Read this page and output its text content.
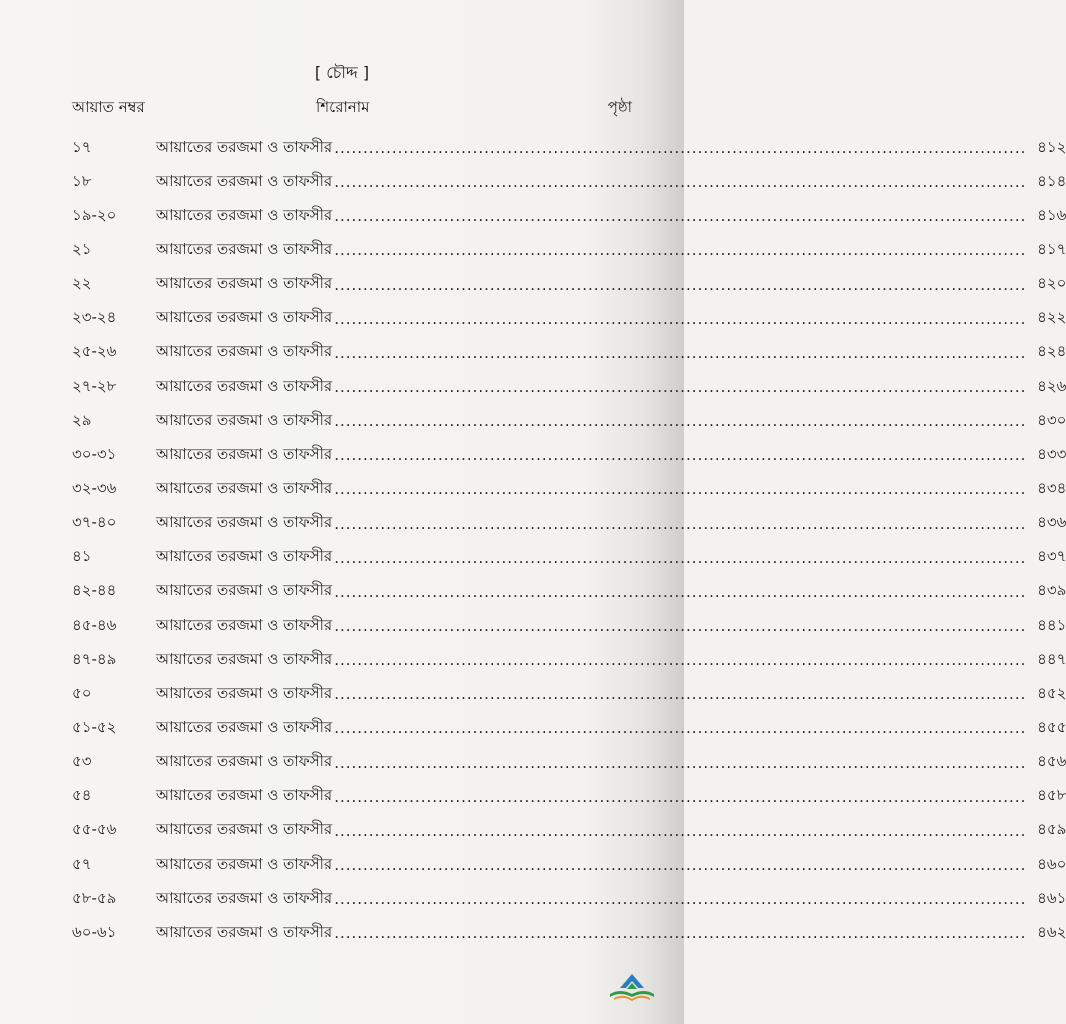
[ চৌদ্দ ]
আয়াত নম্বর	শিরোনাম	পৃষ্ঠা
১৭	আয়াতের তরজমা ও তাফসীর ........................................................................................................................ ৪১২
১৮	আয়াতের তরজমা ও তাফসীর ........................................................................................................................ ৪১৪
১৯-২০	আয়াতের তরজমা ও তাফসীর ........................................................................................................................ ৪১৬
২১	আয়াতের তরজমা ও তাফসীর ........................................................................................................................ ৪১৭
২২	আয়াতের তরজমা ও তাফসীর ........................................................................................................................ ৪২০
২৩-২৪	আয়াতের তরজমা ও তাফসীর ........................................................................................................................ ৪২২
২৫-২৬	আয়াতের তরজমা ও তাফসীর ........................................................................................................................ ৪২৪
২৭-২৮	আয়াতের তরজমা ও তাফসীর ........................................................................................................................ ৪২৬
২৯	আয়াতের তরজমা ও তাফসীর ........................................................................................................................ ৪৩০
৩০-৩১	আয়াতের তরজমা ও তাফসীর ........................................................................................................................ ৪৩৩
৩২-৩৬	আয়াতের তরজমা ও তাফসীর ........................................................................................................................ ৪৩৪
৩৭-৪০	আয়াতের তরজমা ও তাফসীর ........................................................................................................................ ৪৩৬
৪১	আয়াতের তরজমা ও তাফসীর ........................................................................................................................ ৪৩৭
৪২-৪৪	আয়াতের তরজমা ও তাফসীর ........................................................................................................................ ৪৩৯
৪৫-৪৬	আয়াতের তরজমা ও তাফসীর ........................................................................................................................ ৪৪১
৪৭-৪৯	আয়াতের তরজমা ও তাফসীর ........................................................................................................................ ৪৪৭
৫০	আয়াতের তরজমা ও তাফসীর ........................................................................................................................ ৪৫২
৫১-৫২	আয়াতের তরজমা ও তাফসীর ........................................................................................................................ ৪৫৫
৫৩	আয়াতের তরজমা ও তাফসীর ........................................................................................................................ ৪৫৬
৫৪	আয়াতের তরজমা ও তাফসীর ........................................................................................................................ ৪৫৮
৫৫-৫৬	আয়াতের তরজমা ও তাফসীর ........................................................................................................................ ৪৫৯
৫৭	আয়াতের তরজমা ও তাফসীর ........................................................................................................................ ৪৬০
৫৮-৫৯	আয়াতের তরজমা ও তাফসীর ........................................................................................................................ ৪৬১
৬০-৬১	আয়াতের তরজমা ও তাফসীর ........................................................................................................................ ৪৬২
